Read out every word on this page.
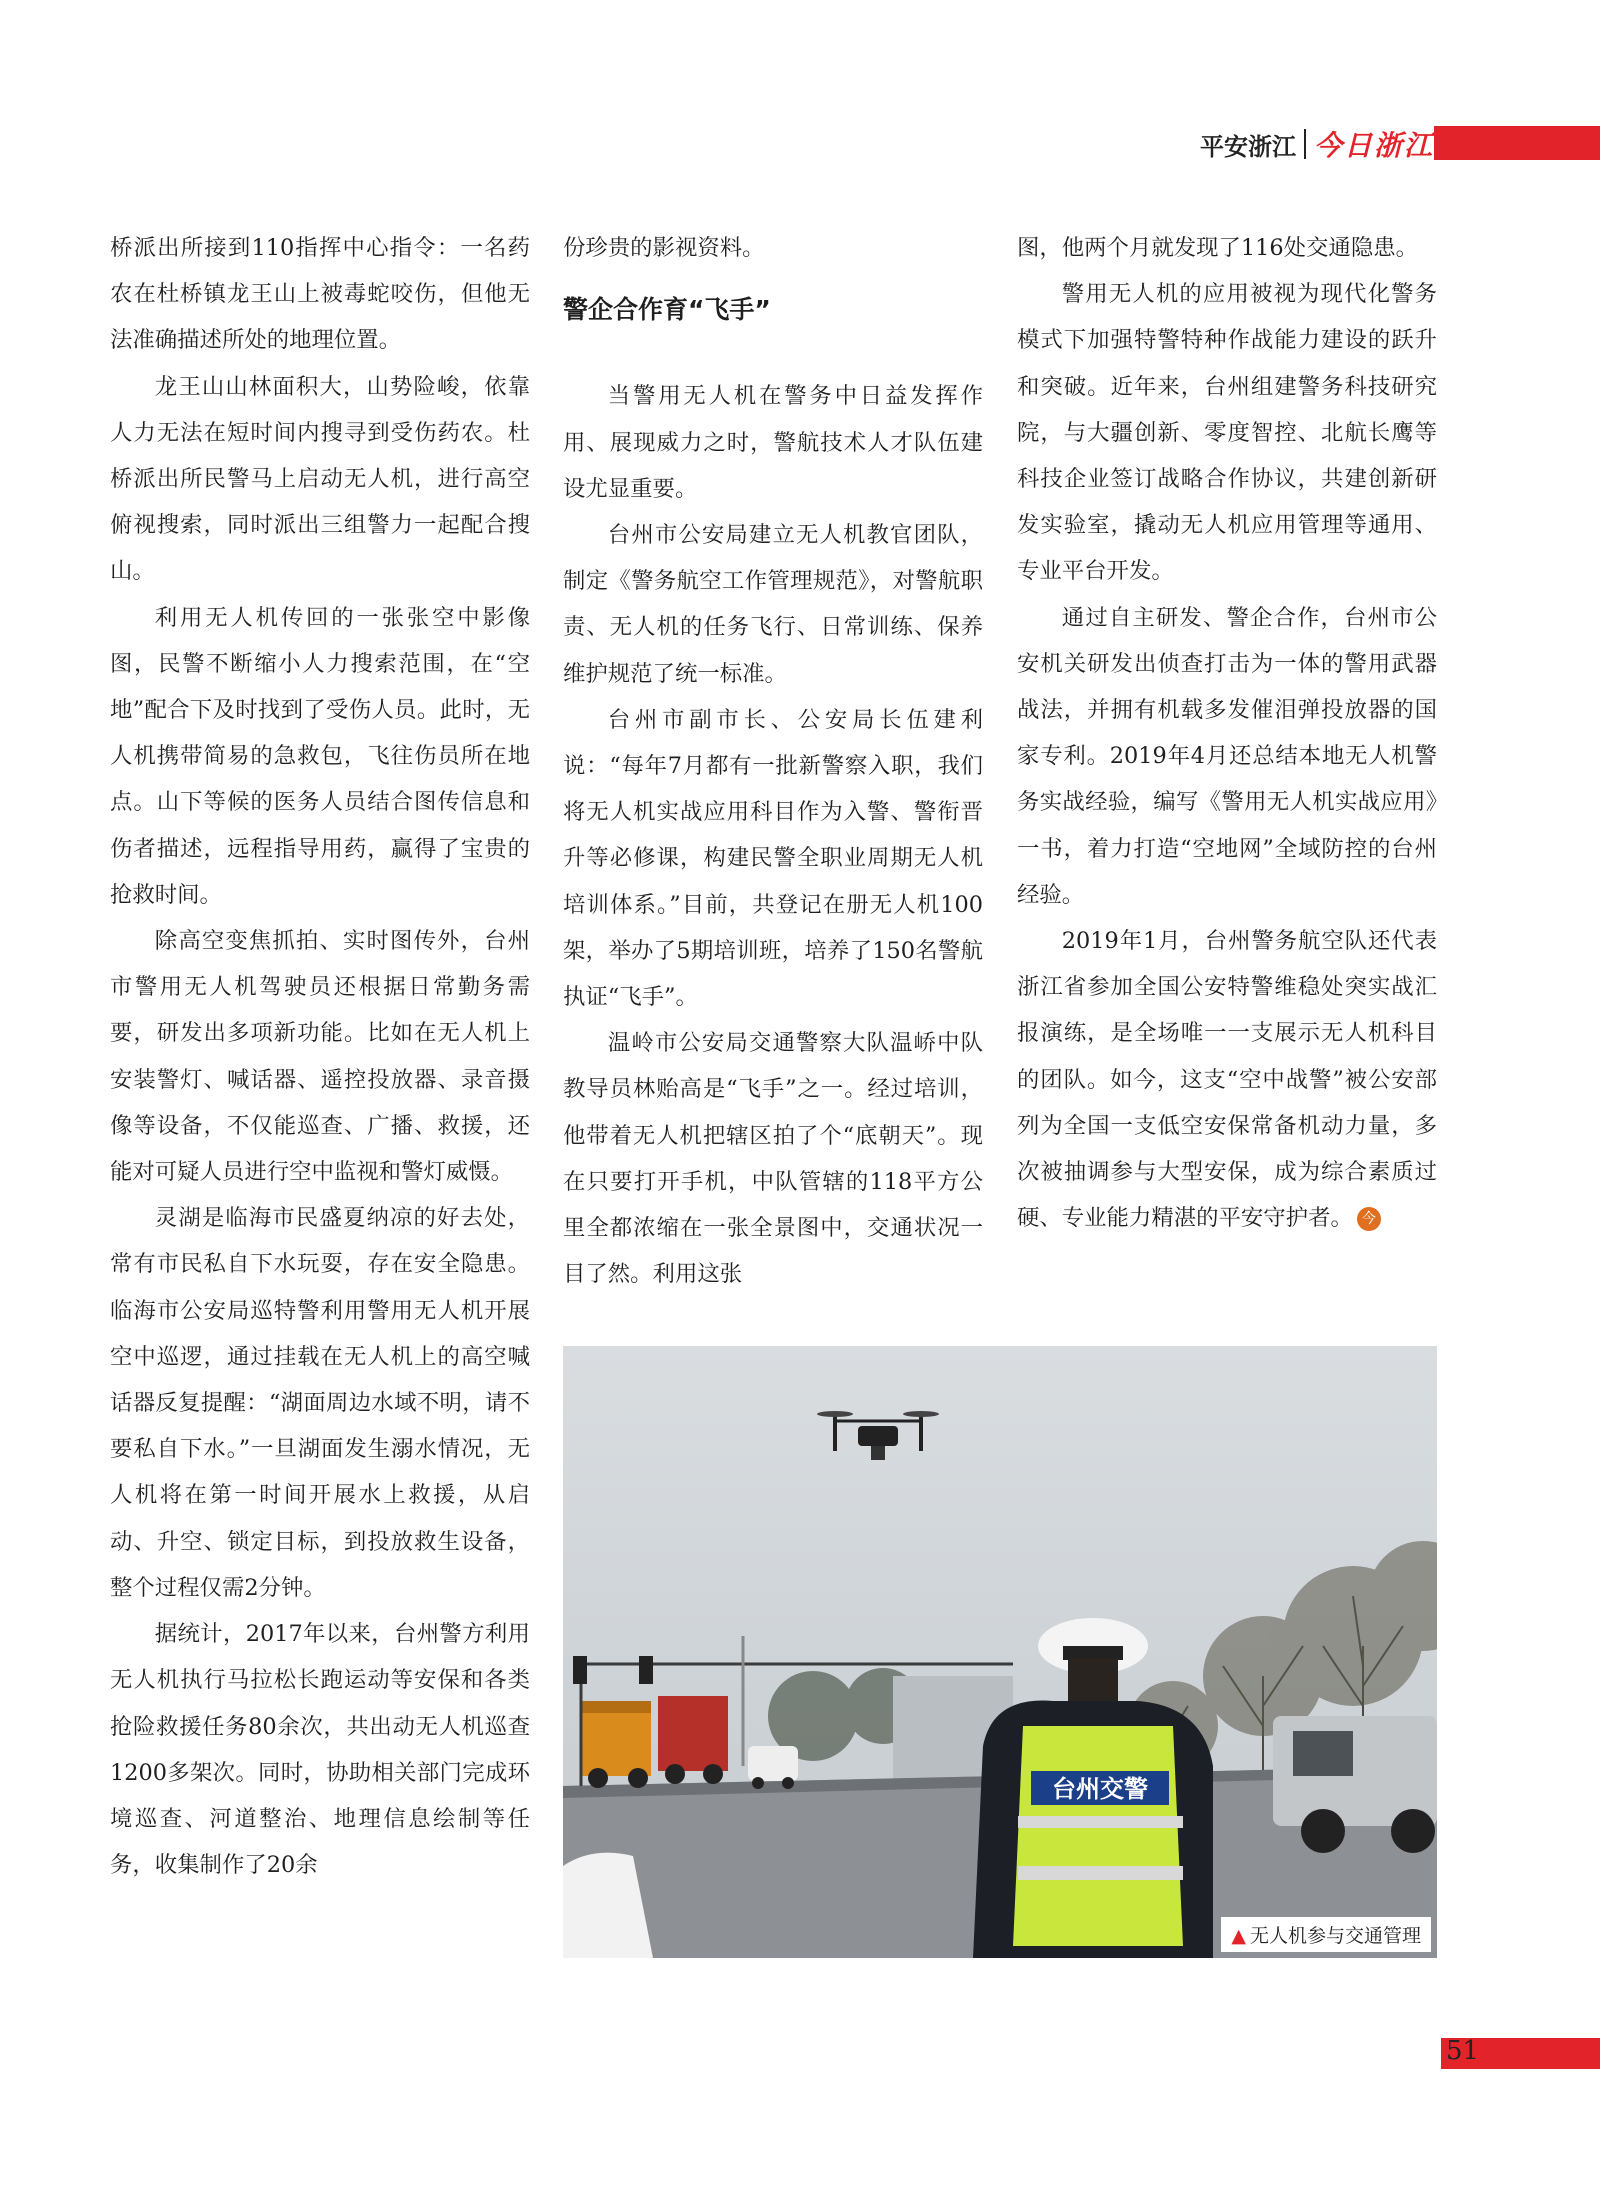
平安浙江 今日浙江

桥派出所接到110指挥中心指令：一名药农在杜桥镇龙王山上被毒蛇咬伤，但他无法准确描述所处的地理位置。

龙王山山林面积大，山势险峻，依靠人力无法在短时间内搜寻到受伤药农。杜桥派出所民警马上启动无人机，进行高空俯视搜索，同时派出三组警力一起配合搜山。

利用无人机传回的一张张空中影像图，民警不断缩小人力搜索范围，在“空地”配合下及时找到了受伤人员。此时，无人机携带简易的急救包，飞往伤员所在地点。山下等候的医务人员结合图传信息和伤者描述，远程指导用药，赢得了宝贵的抢救时间。

除高空变焦抓拍、实时图传外，台州市警用无人机驾驶员还根据日常勤务需要，研发出多项新功能。比如在无人机上安装警灯、喊话器、遥控投放器、录音摄像等设备，不仅能巡查、广播、救援，还能对可疑人员进行空中监视和警灯威慑。

灵湖是临海市民盛夏纳凉的好去处，常有市民私自下水玩耍，存在安全隐患。临海市公安局巡特警利用警用无人机开展空中巡逻，通过挂载在无人机上的高空喊话器反复提醒：“湖面周边水域不明，请不要私自下水。”一旦湖面发生溺水情况，无人机将在第一时间开展水上救援，从启动、升空、锁定目标，到投放救生设备，整个过程仅需2分钟。

据统计，2017年以来，台州警方利用无人机执行马拉松长跑运动等安保和各类抢险救援任务80余次，共出动无人机巡查1200多架次。同时，协助相关部门完成环境巡查、河道整治、地理信息绘制等任务，收集制作了20余

份珍贵的影视资料。

警企合作育“飞手”

当警用无人机在警务中日益发挥作用、展现威力之时，警航技术人才队伍建设尤显重要。

台州市公安局建立无人机教官团队，制定《警务航空工作管理规范》，对警航职责、无人机的任务飞行、日常训练、保养维护规范了统一标准。

台州市副市长、公安局长伍建利说：“每年7月都有一批新警察入职，我们将无人机实战应用科目作为入警、警衔晋升等必修课，构建民警全职业周期无人机培训体系。”目前，共登记在册无人机100架，举办了5期培训班，培养了150名警航执证“飞手”。

温岭市公安局交通警察大队温峤中队教导员林贻高是“飞手”之一。经过培训，他带着无人机把辖区拍了个“底朝天”。现在只要打开手机，中队管辖的118平方公里全都浓缩在一张全景图中，交通状况一目了然。利用这张

图，他两个月就发现了116处交通隐患。

警用无人机的应用被视为现代化警务模式下加强特警特种作战能力建设的跃升和突破。近年来，台州组建警务科技研究院，与大疆创新、零度智控、北航长鹰等科技企业签订战略合作协议，共建创新研发实验室，撬动无人机应用管理等通用、专业平台开发。

通过自主研发、警企合作，台州市公安机关研发出侦查打击为一体的警用武器战法，并拥有机载多发催泪弹投放器的国家专利。2019年4月还总结本地无人机警务实战经验，编写《警用无人机实战应用》一书，着力打造“空地网”全域防控的台州经验。

2019年1月，台州警务航空队还代表浙江省参加全国公安特警维稳处突实战汇报演练，是全场唯一一支展示无人机科目的团队。如今，这支“空中战警”被公安部列为全国一支低空安保常备机动力量，多次被抽调参与大型安保，成为综合素质过硬、专业能力精湛的平安守护者。 今

台州交警
▲ 无人机参与交通管理
51
